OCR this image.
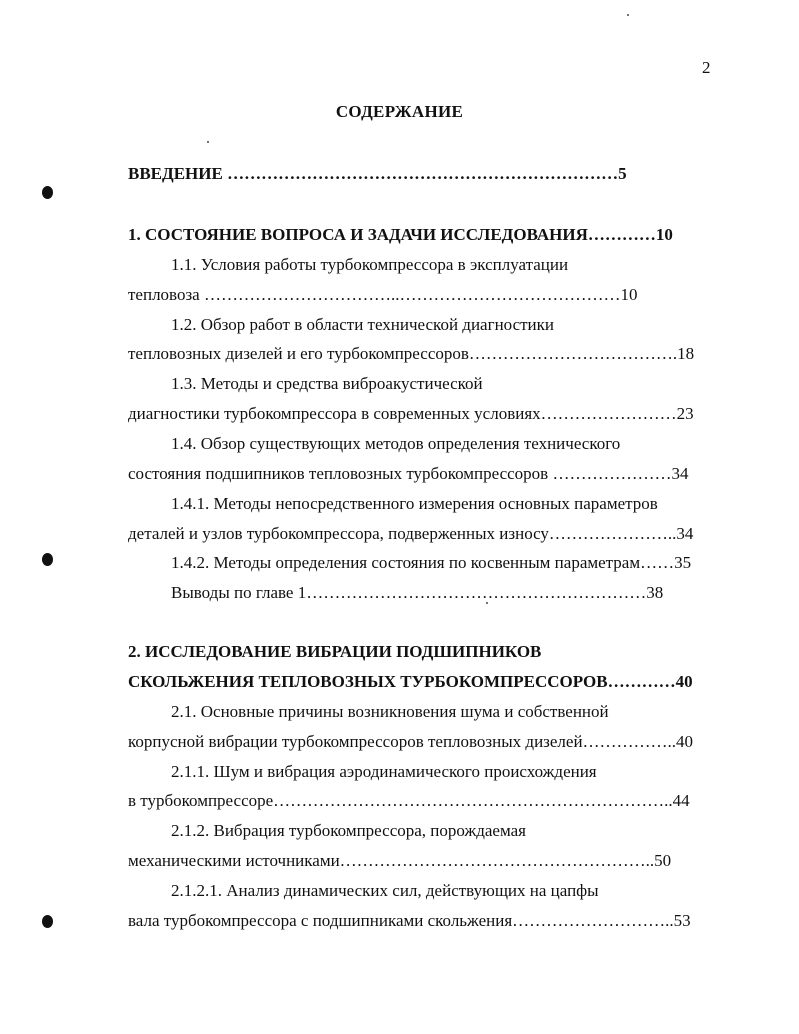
2
СОДЕРЖАНИЕ
ВВЕДЕНИЕ ……………………………………………………………5
1. СОСТОЯНИЕ ВОПРОСА И ЗАДАЧИ ИССЛЕДОВАНИЯ…………10
1.1. Условия работы турбокомпрессора в эксплуатации
тепловоза ……………………………..…………………………………10
1.2. Обзор работ в области технической диагностики
тепловозных дизелей и его турбокомпрессоров……………………………….18
1.3. Методы и средства виброакустической
диагностики турбокомпрессора в современных условиях……………………23
1.4. Обзор существующих методов определения технического
состояния подшипников тепловозных турбокомпрессоров …………………34
1.4.1. Методы непосредственного измерения основных параметров
деталей и узлов турбокомпрессора, подверженных износу…………………..34
1.4.2. Методы определения состояния по косвенным параметрам……35
Выводы по главе 1……………………………………………………38
2. ИССЛЕДОВАНИЕ ВИБРАЦИИ ПОДШИПНИКОВ
СКОЛЬЖЕНИЯ ТЕПЛОВОЗНЫХ ТУРБОКОМПРЕССОРОВ…………40
2.1. Основные причины возникновения шума и собственной
корпусной вибрации турбокомпрессоров тепловозных дизелей……………..40
2.1.1. Шум и вибрация аэродинамического происхождения
в турбокомпрессоре……………………………………………………………..44
2.1.2. Вибрация турбокомпрессора, порождаемая
механическими источниками………………………………………………..50
2.1.2.1. Анализ динамических сил, действующих на цапфы
вала турбокомпрессора с подшипниками скольжения………………………..53
